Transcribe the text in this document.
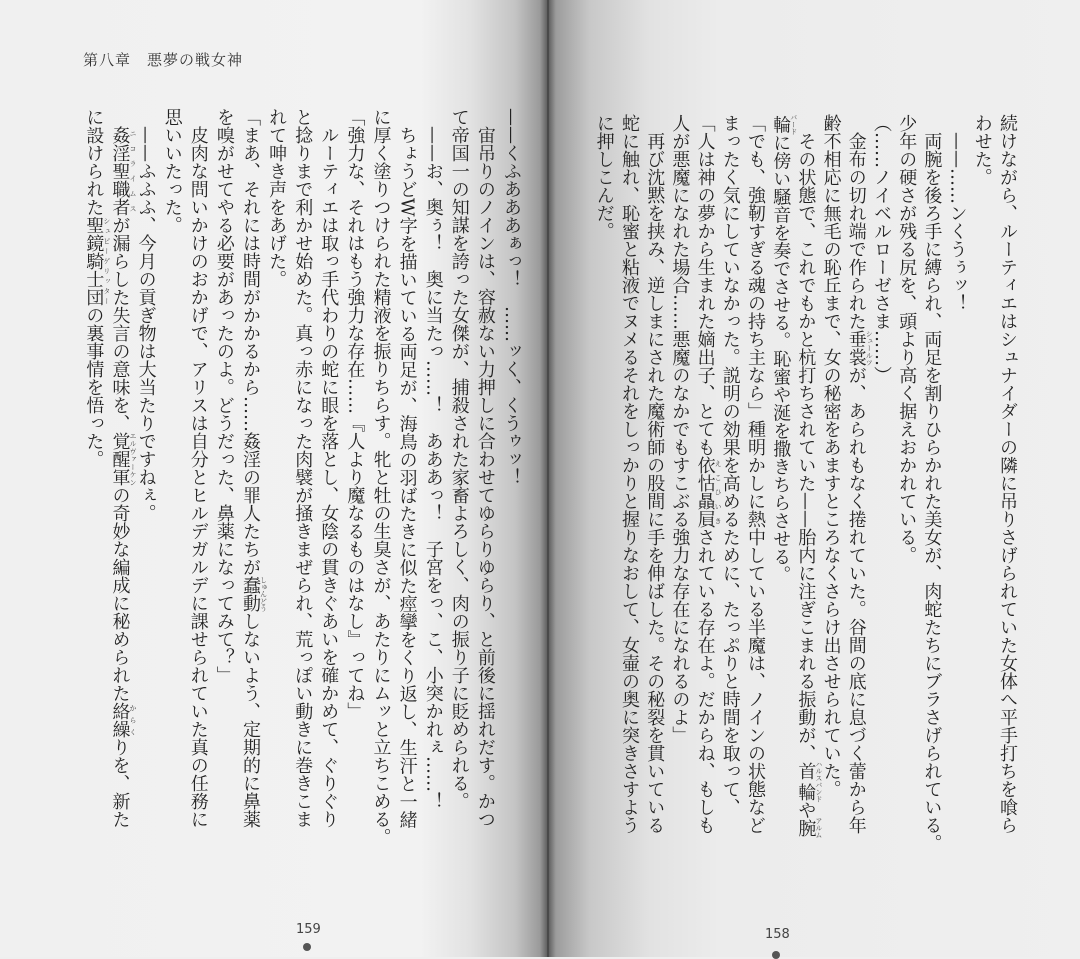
第八章　悪夢の戦女神
——くふあああぁっ！　……ッく、くうゥッ！
　宙吊りのノインは、容赦ない力押しに合わせてゆらりゆらり、と前後に揺れだす。かつ
て帝国一の知謀を誇った女傑が、捕殺された家畜よろしく、肉の振り子に貶められる。
　——お、奥ぅ！　奥に当たっ……！　あああっ！　子宮をっ、こ、小突かれぇ……！
　ちょうどW字を描いている両足が、海鳥の羽ばたきに似た痙攣をくり返し、生汗と一緒
に厚く塗りつけられた精液を振りちらす。牝と牡の生臭さが、あたりにムッと立ちこめる。
「強力な、それはもう強力な存在……『人より魔なるものはなし』ってね」
　ルーティエは取っ手代わりの蛇に眼を落とし、女陰の貫きぐあいを確かめて、ぐりぐり
と捻りまで利かせ始めた。真っ赤になった肉襞が掻きまぜられ、荒っぽい動きに巻きこま
れて呻き声をあげた。
「まあ、それには時間がかかるから……姦淫の罪人たちが蠢動しゅんどうしないよう、定期的に鼻薬
を嗅がせてやる必要があったのよ。どうだった、鼻薬になってみて？」
　皮肉な問いかけのおかげで、アリスは自分とヒルデガルデに課せられていた真の任務に
思いいたった。
　——ふふふ、今月の貢ぎ物は大当たりですねぇ。
　姦淫聖職者ニコライムスが漏らした失言の意味を、覚醒軍エルヴァーケンの奇妙な編成に秘められた絡繰からくりを、新た
に設けられた聖鏡騎士団シュピーゲリッターの裏事情を悟った。
159
続けながら、ルーティエはシュナイダーの隣に吊りさげられていた女体へ平手打ちを喰ら
わせた。
　——……ンくうぅッ！
　両腕を後ろ手に縛られ、両足を割りひらかれた美女が、肉蛇たちにブラさげられている。
少年の硬さが残る尻を、頭より高く据えおかれている。
（……ノイベルローゼさま……）
　金布の切れ端で作られた垂裳シュールツが、あられもなく捲れていた。谷間の底に息づく蕾から年
齢不相応に無毛の恥丘まで、女の秘密をあますところなくさらけ出させられていた。
　その状態で、これでもかと杭打ちされていた——胎内に注ぎこまれる振動が、首輪ハルスバンドや腕アルム
輪バードに傍い騒音を奏でさせる。恥蜜や涎を撒きちらさせる。
「でも、強靭すぎる魂の持ち主なら」種明かしに熱中している半魔は、ノインの状態など
まったく気にしていなかった。説明の効果を高めるために、たっぷりと時間を取って、
「人は神の夢から生まれた嫡出子、とても依怙贔屓えこひいきされている存在よ。だからね、もしも
人が悪魔になれた場合……悪魔のなかでもすこぶる強力な存在になれるのよ」
　再び沈黙を挟み、逆しまにされた魔術師の股間に手を伸ばした。その秘裂を貫いている
蛇に触れ、恥蜜と粘液でヌメるそれをしっかりと握りなおして、女壷の奥に突きさすよう
に押しこんだ。
158
